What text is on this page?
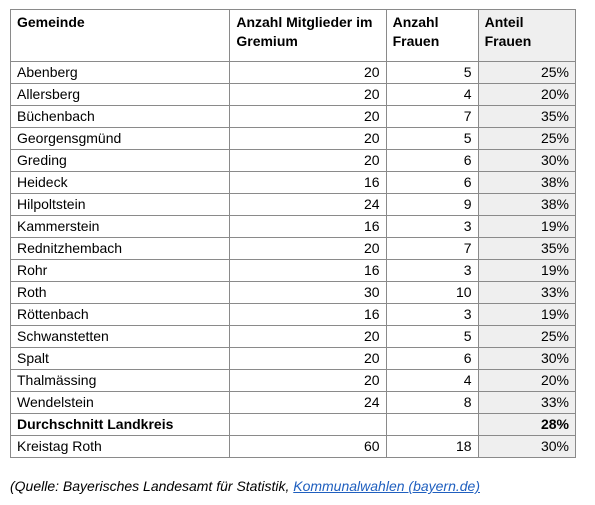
Gemeinde	Anzahl Mitglieder im Gremium	Anzahl Frauen	Anteil Frauen
Abenberg	20	5	25%
Allersberg	20	4	20%
Büchenbach	20	7	35%
Georgensgmünd	20	5	25%
Greding	20	6	30%
Heideck	16	6	38%
Hilpoltstein	24	9	38%
Kammerstein	16	3	19%
Rednitzhembach	20	7	35%
Rohr	16	3	19%
Roth	30	10	33%
Röttenbach	16	3	19%
Schwanstetten	20	5	25%
Spalt	20	6	30%
Thalmässing	20	4	20%
Wendelstein	24	8	33%
Durchschnitt Landkreis			28%
Kreistag Roth	60	18	30%
(Quelle: Bayerisches Landesamt für Statistik, Kommunalwahlen (bayern.de)
